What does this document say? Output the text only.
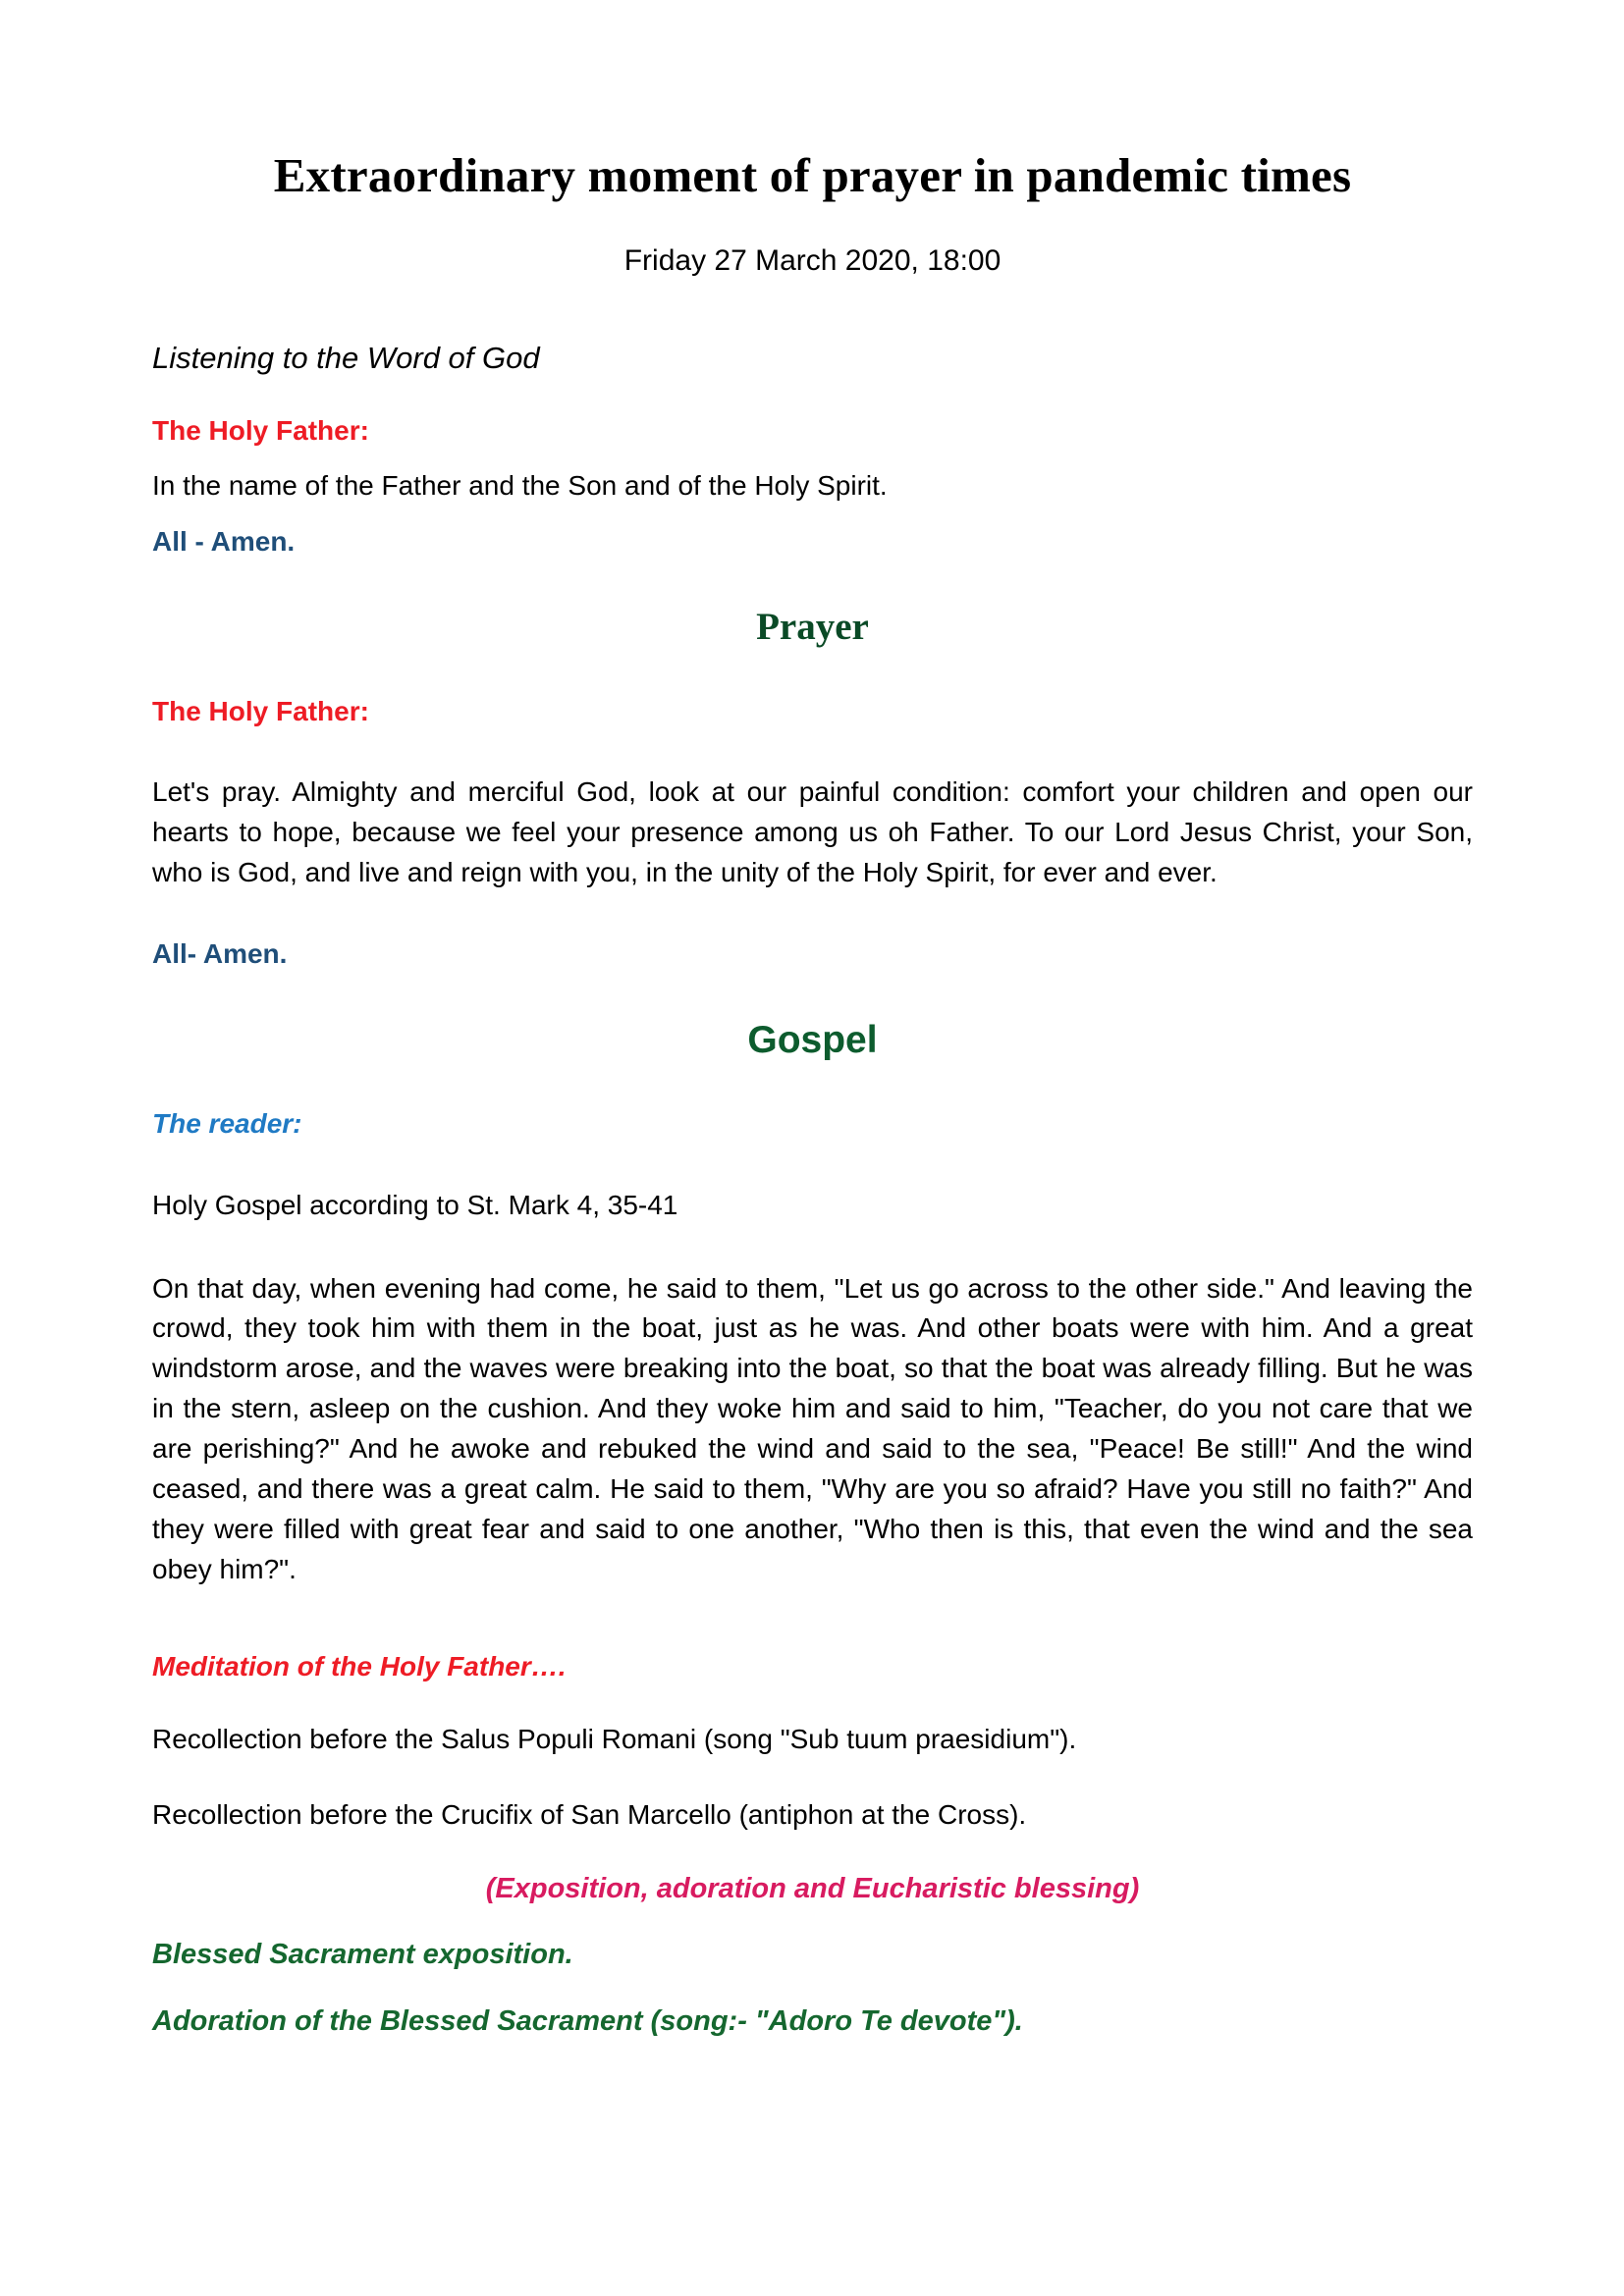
Extraordinary moment of prayer in pandemic times

Friday 27 March 2020, 18:00

Listening to the Word of God

The Holy Father:

In the name of the Father and the Son and of the Holy Spirit.

All - Amen.

Prayer

The Holy Father:

Let's pray. Almighty and merciful God, look at our painful condition: comfort your children and open our hearts to hope, because we feel your presence among us oh Father. To our Lord Jesus Christ, your Son, who is God, and live and reign with you, in the unity of the Holy Spirit, for ever and ever.

All- Amen.

Gospel

The reader:

Holy Gospel according to St. Mark 4, 35-41

On that day, when evening had come, he said to them, "Let us go across to the other side." And leaving the crowd, they took him with them in the boat, just as he was. And other boats were with him. And a great windstorm arose, and the waves were breaking into the boat, so that the boat was already filling. But he was in the stern, asleep on the cushion. And they woke him and said to him, "Teacher, do you not care that we are perishing?" And he awoke and rebuked the wind and said to the sea, "Peace! Be still!" And the wind ceased, and there was a great calm. He said to them, "Why are you so afraid? Have you still no faith?" And they were filled with great fear and said to one another, "Who then is this, that even the wind and the sea obey him?".

Meditation of the Holy Father….

Recollection before the Salus Populi Romani (song "Sub tuum praesidium").

Recollection before the Crucifix of San Marcello (antiphon at the Cross).

(Exposition, adoration and Eucharistic blessing)

Blessed Sacrament exposition.

Adoration of the Blessed Sacrament (song:- "Adoro Te devote").
